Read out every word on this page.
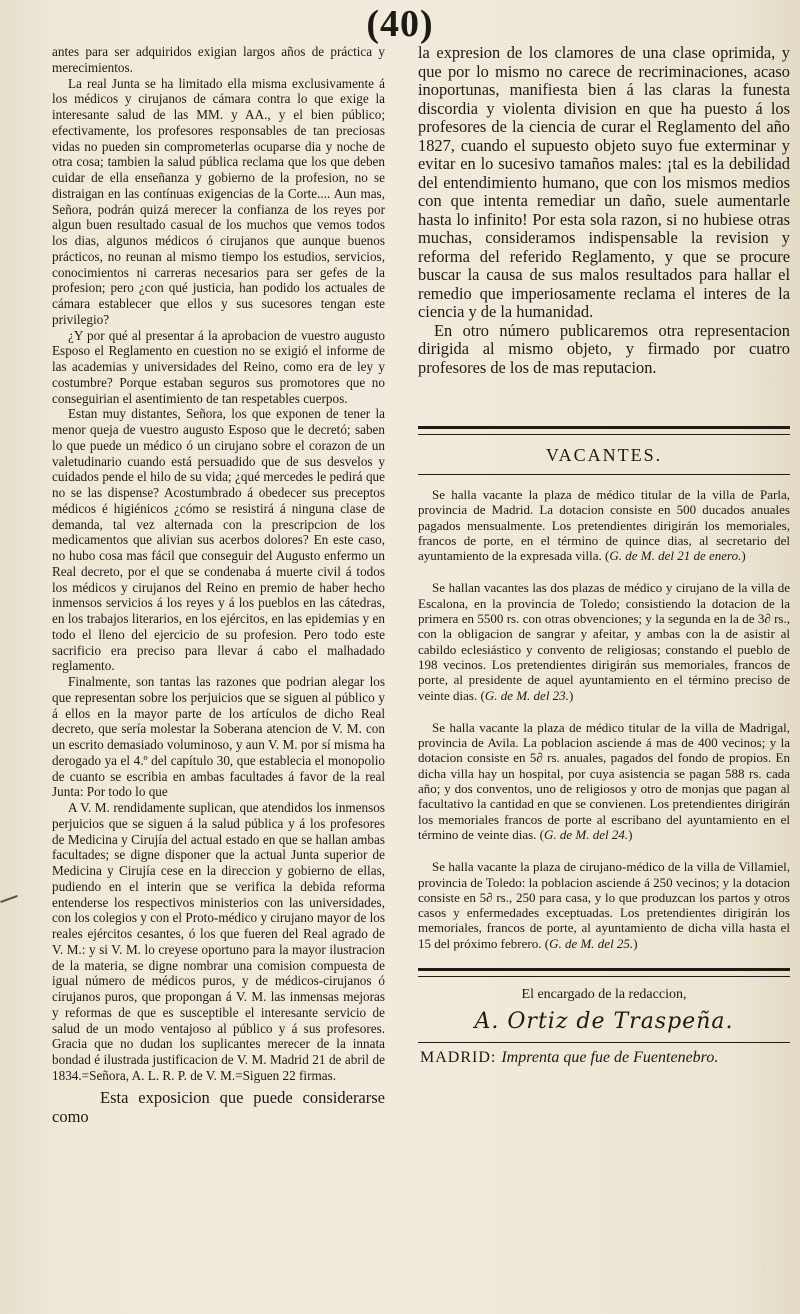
(40)

antes para ser adquiridos exigian largos años de práctica y merecimientos.

La real Junta se ha limitado ella misma exclusivamente á los médicos y cirujanos de cámara contra lo que exige la interesante salud de las MM. y AA., y el bien público; efectivamente, los profesores responsables de tan preciosas vidas no pueden sin comprometerlas ocuparse dia y noche de otra cosa; tambien la salud pública reclama que los que deben cuidar de ella enseñanza y gobierno de la profesion, no se distraigan en las contínuas exigencias de la Corte.... Aun mas, Señora, podrán quizá merecer la confianza de los reyes por algun buen resultado casual de los muchos que vemos todos los dias, algunos médicos ó cirujanos que aunque buenos prácticos, no reunan al mismo tiempo los estudios, servicios, conocimientos ni carreras necesarios para ser gefes de la profesion; pero ¿con qué justicia, han podido los actuales de cámara establecer que ellos y sus sucesores tengan este privilegio?

¿Y por qué al presentar á la aprobacion de vuestro augusto Esposo el Reglamento en cuestion no se exigió el informe de las academias y universidades del Reino, como era de ley y costumbre? Porque estaban seguros sus promotores que no conseguirian el asentimiento de tan respetables cuerpos.

Estan muy distantes, Señora, los que exponen de tener la menor queja de vuestro augusto Esposo que le decretó; saben lo que puede un médico ó un cirujano sobre el corazon de un valetudinario cuando está persuadido que de sus desvelos y cuidados pende el hilo de su vida; ¿qué mercedes le pedirá que no se las dispense? Acostumbrado á obedecer sus preceptos médicos é higiénicos ¿cómo se resistirá á ninguna clase de demanda, tal vez alternada con la prescripcion de los medicamentos que alivian sus acerbos dolores? En este caso, no hubo cosa mas fácil que conseguir del Augusto enfermo un Real decreto, por el que se condenaba á muerte civil á todos los médicos y cirujanos del Reino en premio de haber hecho inmensos servicios á los reyes y á los pueblos en las cátedras, en los trabajos literarios, en los ejércitos, en las epidemias y en todo el lleno del ejercicio de su profesion. Pero todo este sacrificio era preciso para llevar á cabo el malhadado reglamento.

Finalmente, son tantas las razones que podrian alegar los que representan sobre los perjuicios que se siguen al público y á ellos en la mayor parte de los artículos de dicho Real decreto, que sería molestar la Soberana atencion de V. M. con un escrito demasiado voluminoso, y aun V. M. por sí misma ha derogado ya el 4.º del capítulo 30, que establecia el monopolio de cuanto se escribia en ambas facultades á favor de la real Junta: Por todo lo que

A V. M. rendidamente suplican, que atendidos los inmensos perjuicios que se siguen á la salud pública y á los profesores de Medicina y Cirujía del actual estado en que se hallan ambas facultades; se digne disponer que la actual Junta superior de Medicina y Cirujía cese en la direccion y gobierno de ellas, pudiendo en el interin que se verifica la debida reforma entenderse los respectivos ministerios con las universidades, con los colegios y con el Proto-médico y cirujano mayor de los reales ejércitos cesantes, ó los que fueren del Real agrado de V. M.: y si V. M. lo creyese oportuno para la mayor ilustracion de la materia, se digne nombrar una comision compuesta de igual número de médicos puros, y de médicos-cirujanos ó cirujanos puros, que propongan á V. M. las inmensas mejoras y reformas de que es susceptible el interesante servicio de salud de un modo ventajoso al público y á sus profesores. Gracia que no dudan los suplicantes merecer de la innata bondad é ilustrada justificacion de V. M. Madrid 21 de abril de 1834.=Señora, A. L. R. P. de V. M.=Siguen 22 firmas.

Esta exposicion que puede considerarse como

la expresion de los clamores de una clase oprimida, y que por lo mismo no carece de recriminaciones, acaso inoportunas, manifiesta bien á las claras la funesta discordia y violenta division en que ha puesto á los profesores de la ciencia de curar el Reglamento del año 1827, cuando el supuesto objeto suyo fue exterminar y evitar en lo sucesivo tamaños males: ¡tal es la debilidad del entendimiento humano, que con los mismos medios con que intenta remediar un daño, suele aumentarle hasta lo infinito! Por esta sola razon, si no hubiese otras muchas, consideramos indispensable la revision y reforma del referido Reglamento, y que se procure buscar la causa de sus malos resultados para hallar el remedio que imperiosamente reclama el interes de la ciencia y de la humanidad.

En otro número publicaremos otra representacion dirigida al mismo objeto, y firmado por cuatro profesores de los de mas reputacion.

VACANTES.

Se halla vacante la plaza de médico titular de la villa de Parla, provincia de Madrid. La dotacion consiste en 500 ducados anuales pagados mensualmente. Los pretendientes dirigirán los memoriales, francos de porte, en el término de quince dias, al secretario del ayuntamiento de la expresada villa. (G. de M. del 21 de enero.)

Se hallan vacantes las dos plazas de médico y cirujano de la villa de Escalona, en la provincia de Toledo; consistiendo la dotacion de la primera en 5500 rs. con otras obvenciones; y la segunda en la de 3∂ rs., con la obligacion de sangrar y afeitar, y ambas con la de asistir al cabildo eclesiástico y convento de religiosas; constando el pueblo de 198 vecinos. Los pretendientes dirigirán sus memoriales, francos de porte, al presidente de aquel ayuntamiento en el término preciso de veinte dias. (G. de M. del 23.)

Se halla vacante la plaza de médico titular de la villa de Madrigal, provincia de Avila. La poblacion asciende á mas de 400 vecinos; y la dotacion consiste en 5∂ rs. anuales, pagados del fondo de propios. En dicha villa hay un hospital, por cuya asistencia se pagan 588 rs. cada año; y dos conventos, uno de religiosos y otro de monjas que pagan al facultativo la cantidad en que se convienen. Los pretendientes dirigirán los memoriales francos de porte al escribano del ayuntamiento en el término de veinte dias. (G. de M. del 24.)

Se halla vacante la plaza de cirujano-médico de la villa de Villamiel, provincia de Toledo: la poblacion asciende á 250 vecinos; y la dotacion consiste en 5∂ rs., 250 para casa, y lo que produzcan los partos y otros casos y enfermedades exceptuadas. Los pretendientes dirigirán los memoriales, francos de porte, al ayuntamiento de dicha villa hasta el 15 del próximo febrero. (G. de M. del 25.)

El encargado de la redaccion,
A. Ortiz de Traspeña.
MADRID: Imprenta que fue de Fuentenebro.
